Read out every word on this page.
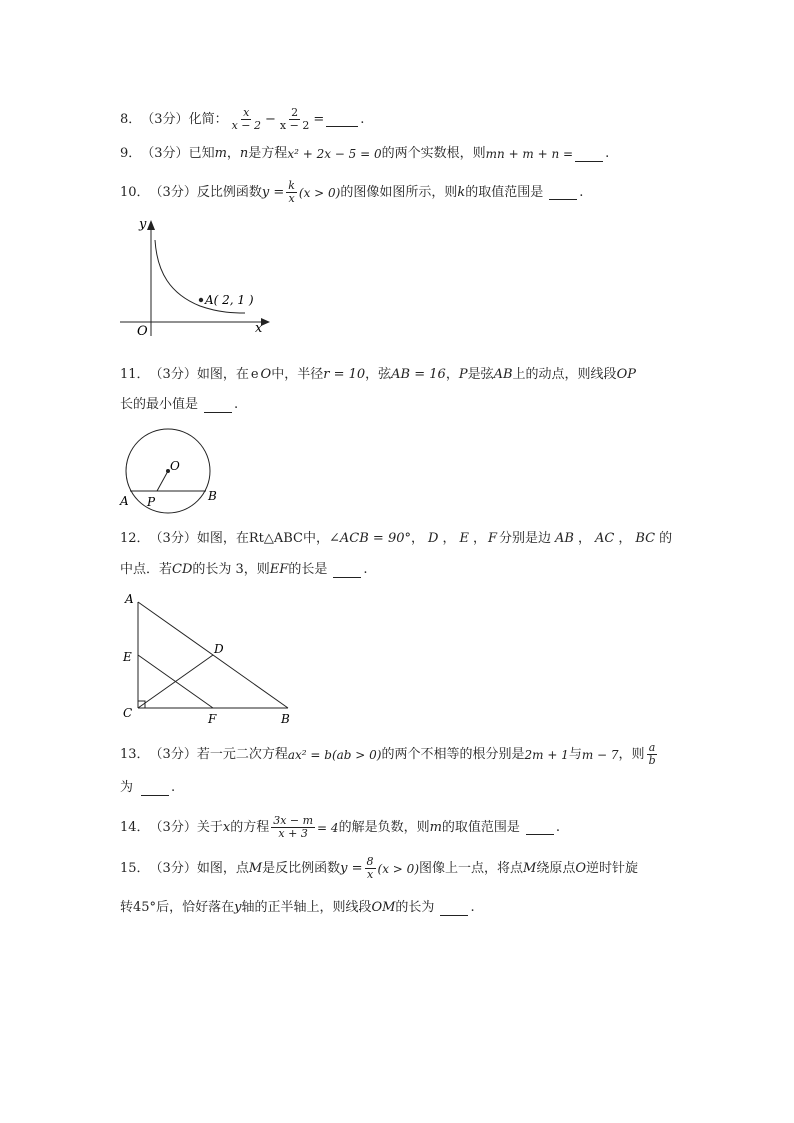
8． （3分） 化简： $\frac{x}{x - 2} - \frac{2}{x - 2}$ =	.
9． （3分） 已知 m ， n 是方程 x² + 2x − 5 = 0 的两个实数根，则 mn + m + n = .
10． （3分） 反比例函数 $y = \frac{k}{x} (x > 0)$ 的图像如图所示，则 k 的取值范围是	.
y
x
O
A( 2, 1 )
11． （3分） 如图，在 e O 中，半径 r = 10 ，弦 AB = 16 ， P 是弦 AB 上的动点，则线段 OP
长的最小值是	.
O
A P	B
12． （3分） 如图，在 Rt△ABC 中， ∠ACB = 90° ， D ， E ， F 分别是边 AB ， AC ， BC 的
中点．若 CD 的长为 3，则 EF 的长是	.
A
E
D
C	F	B
13． （3分） 若一元二次方程 ax² = b(ab > 0) 的两个不相等的根分别是 2m + 1 与 m − 7 ，则 $\frac{a}{b}$
为	.
14． （3分） 关于 x 的方程 $\frac{3x - m}{x + 3} = 4$ 的解是负数，则 m 的取值范围是	.
15． （3分） 如图，点 M 是反比例函数 $y = \frac{8}{x} (x > 0)$ 图像上一点，将点 M 绕原点 O 逆时针旋
转 45° 后，恰好落在 y 轴的正半轴上，则线段 OM 的长为	.
